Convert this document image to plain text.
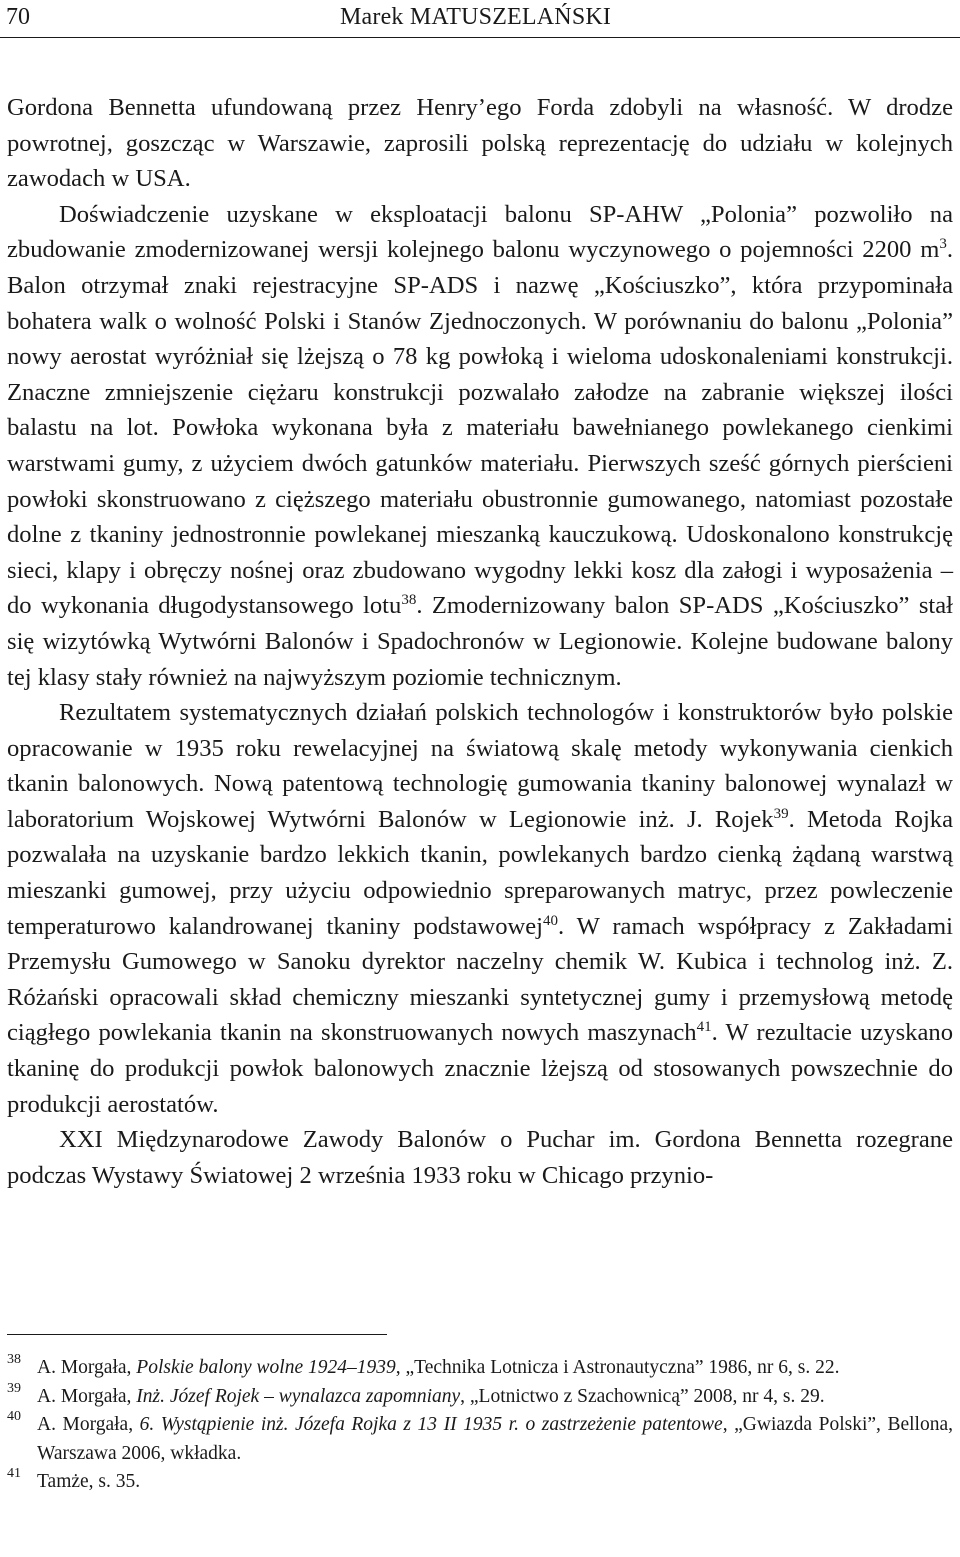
70	Marek MATUSZELAŃSKI

Gordona Bennetta ufundowaną przez Henry’ego Forda zdobyli na własność. W drodze powrotnej, goszcząc w Warszawie, zaprosili polską reprezentację do udziału w kolejnych zawodach w USA.

Doświadczenie uzyskane w eksploatacji balonu SP-AHW „Polonia” pozwoliło na zbudowanie zmodernizowanej wersji kolejnego balonu wyczynowego o pojemności 2200 $m^3$. Balon otrzymał znaki rejestracyjne SP-ADS i nazwę „Kościuszko”, która przypominała bohatera walk o wolność Polski i Stanów Zjednoczonych. W porównaniu do balonu „Polonia” nowy aerostat wyróżniał się lżejszą o 78 kg powłoką i wieloma udoskonaleniami konstrukcji. Znaczne zmniejszenie ciężaru konstrukcji pozwalało załodze na zabranie większej ilości balastu na lot. Powłoka wykonana była z materiału bawełnianego powlekanego cienkimi warstwami gumy, z użyciem dwóch gatunków materiału. Pierwszych sześć górnych pierścieni powłoki skonstruowano z cięższego materiału obustronnie gumowanego, natomiast pozostałe dolne z tkaniny jednostronnie powlekanej mieszanką kauczukową. Udoskonalono konstrukcję sieci, klapy i obręczy nośnej oraz zbudowano wygodny lekki kosz dla załogi i wyposażenia – do wykonania długodystansowego lotu$^{38}$. Zmodernizowany balon SP-ADS „Kościuszko” stał się wizytówką Wytwórni Balonów i Spadochronów w Legionowie. Kolejne budowane balony tej klasy stały również na najwyższym poziomie technicznym.

Rezultatem systematycznych działań polskich technologów i konstruktorów było polskie opracowanie w 1935 roku rewelacyjnej na światową skalę metody wykonywania cienkich tkanin balonowych. Nową patentową technologię gumowania tkaniny balonowej wynalazł w laboratorium Wojskowej Wytwórni Balonów w Legionowie inż. J. Rojek$^{39}$. Metoda Rojka pozwalała na uzyskanie bardzo lekkich tkanin, powlekanych bardzo cienką żądaną warstwą mieszanki gumowej, przy użyciu odpowiednio spreparowanych matryc, przez powleczenie temperaturowo kalandrowanej tkaniny podstawowej$^{40}$. W ramach współpracy z Zakładami Przemysłu Gumowego w Sanoku dyrektor naczelny chemik W. Kubica i technolog inż. Z. Różański opracowali skład chemiczny mieszanki syntetycznej gumy i przemysłową metodę ciągłego powlekania tkanin na skonstruowanych nowych maszynach$^{41}$. W rezultacie uzyskano tkaninę do produkcji powłok balonowych znacznie lżejszą od stosowanych powszechnie do produkcji aerostatów.

XXI Międzynarodowe Zawody Balonów o Puchar im. Gordona Bennetta rozegrane podczas Wystawy Światowej 2 września 1933 roku w Chicago przynio-

38 A. Morgała, Polskie balony wolne 1924–1939, „Technika Lotnicza i Astronautyczna” 1986, nr 6, s. 22.
39 A. Morgała, Inż. Józef Rojek – wynalazca zapomniany, „Lotnictwo z Szachownicą” 2008, nr 4, s. 29.
40 A. Morgała, 6. Wystąpienie inż. Józefa Rojka z 13 II 1935 r. o zastrzeżenie patentowe, „Gwiazda Polski”, Bellona, Warszawa 2006, wkładka.
41 Tamże, s. 35.
